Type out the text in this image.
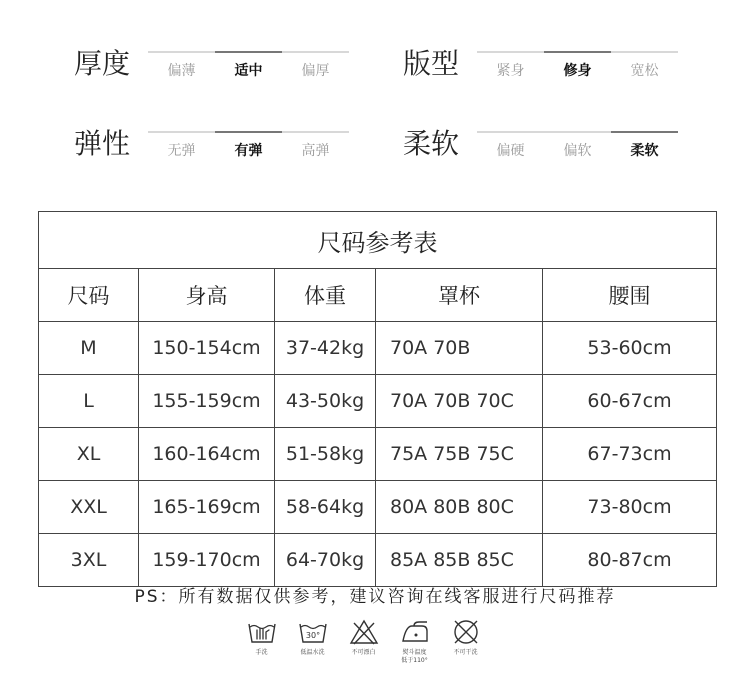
厚度	偏薄	适中	偏厚	版型	紧身	修身	宽松
弹性	无弹	有弹	高弹	柔软	偏硬	偏软	柔软
尺码参考表				
尺码	身高	体重	罩杯	腰围
M	150-154cm	37-42kg	70A 70B	53-60cm
L	155-159cm	43-50kg	70A 70B 70C	60-67cm
XL	160-164cm	51-58kg	75A 75B 75C	67-73cm
XXL	165-169cm	58-64kg	80A 80B 80C	73-80cm
3XL	159-170cm	64-70kg	85A 85B 85C	80-87cm
PS：所有数据仅供参考，建议咨询在线客服进行尺码推荐
手洗
30°
低温水洗	不可漂白	熨斗温度
低于110°
不可干洗
